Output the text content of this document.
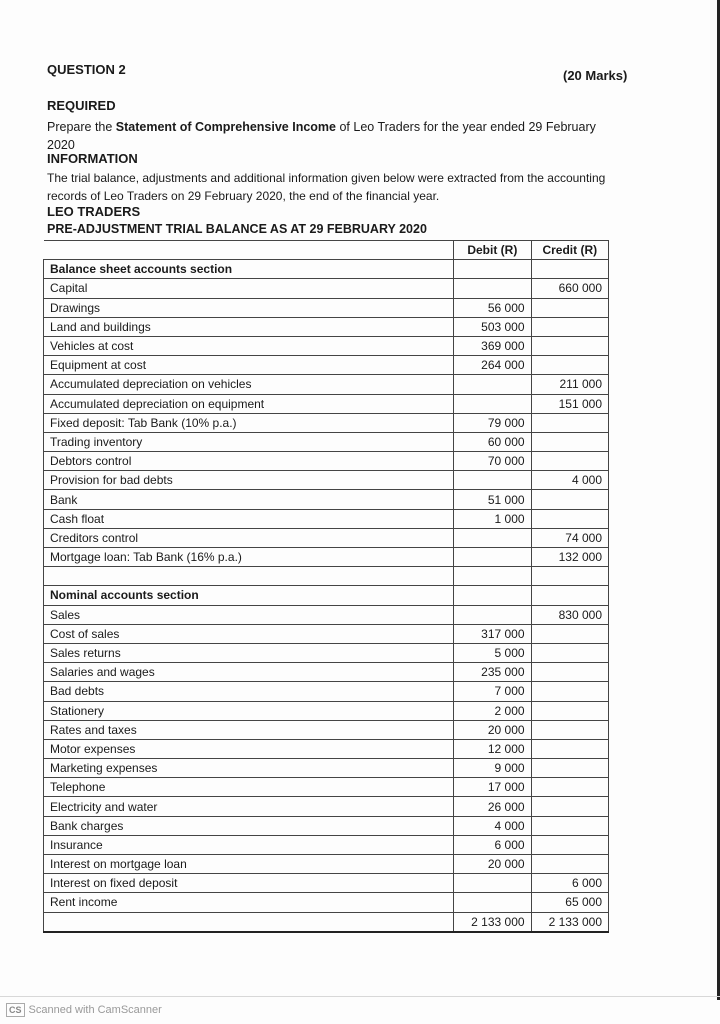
QUESTION 2	(20 Marks)
REQUIRED
Prepare the Statement of Comprehensive Income of Leo Traders for the year ended 29 February 2020
INFORMATION
The trial balance, adjustments and additional information given below were extracted from the accounting
records of Leo Traders on 29 February 2020, the end of the financial year.
LEO TRADERS
PRE-ADJUSTMENT TRIAL BALANCE AS AT 29 FEBRUARY 2020
	Debit (R)	Credit (R)
Balance sheet accounts section		
Capital		660 000
Drawings	56 000	
Land and buildings	503 000	
Vehicles at cost	369 000	
Equipment at cost	264 000	
Accumulated depreciation on vehicles		211 000
Accumulated depreciation on equipment		151 000
Fixed deposit: Tab Bank (10% p.a.)	79 000	
Trading inventory	60 000	
Debtors control	70 000	
Provision for bad debts		4 000
Bank	51 000	
Cash float	1 000	
Creditors control		74 000
Mortgage loan: Tab Bank (16% p.a.)		132 000

Nominal accounts section		
Sales		830 000
Cost of sales	317 000	
Sales returns	5 000	
Salaries and wages	235 000	
Bad debts	7 000	
Stationery	2 000	
Rates and taxes	20 000	
Motor expenses	12 000	
Marketing expenses	9 000	
Telephone	17 000	
Electricity and water	26 000	
Bank charges	4 000	
Insurance	6 000	
Interest on mortgage loan	20 000	
Interest on fixed deposit		6 000
Rent income		65 000
	2 133 000	2 133 000
CS Scanned with CamScanner
